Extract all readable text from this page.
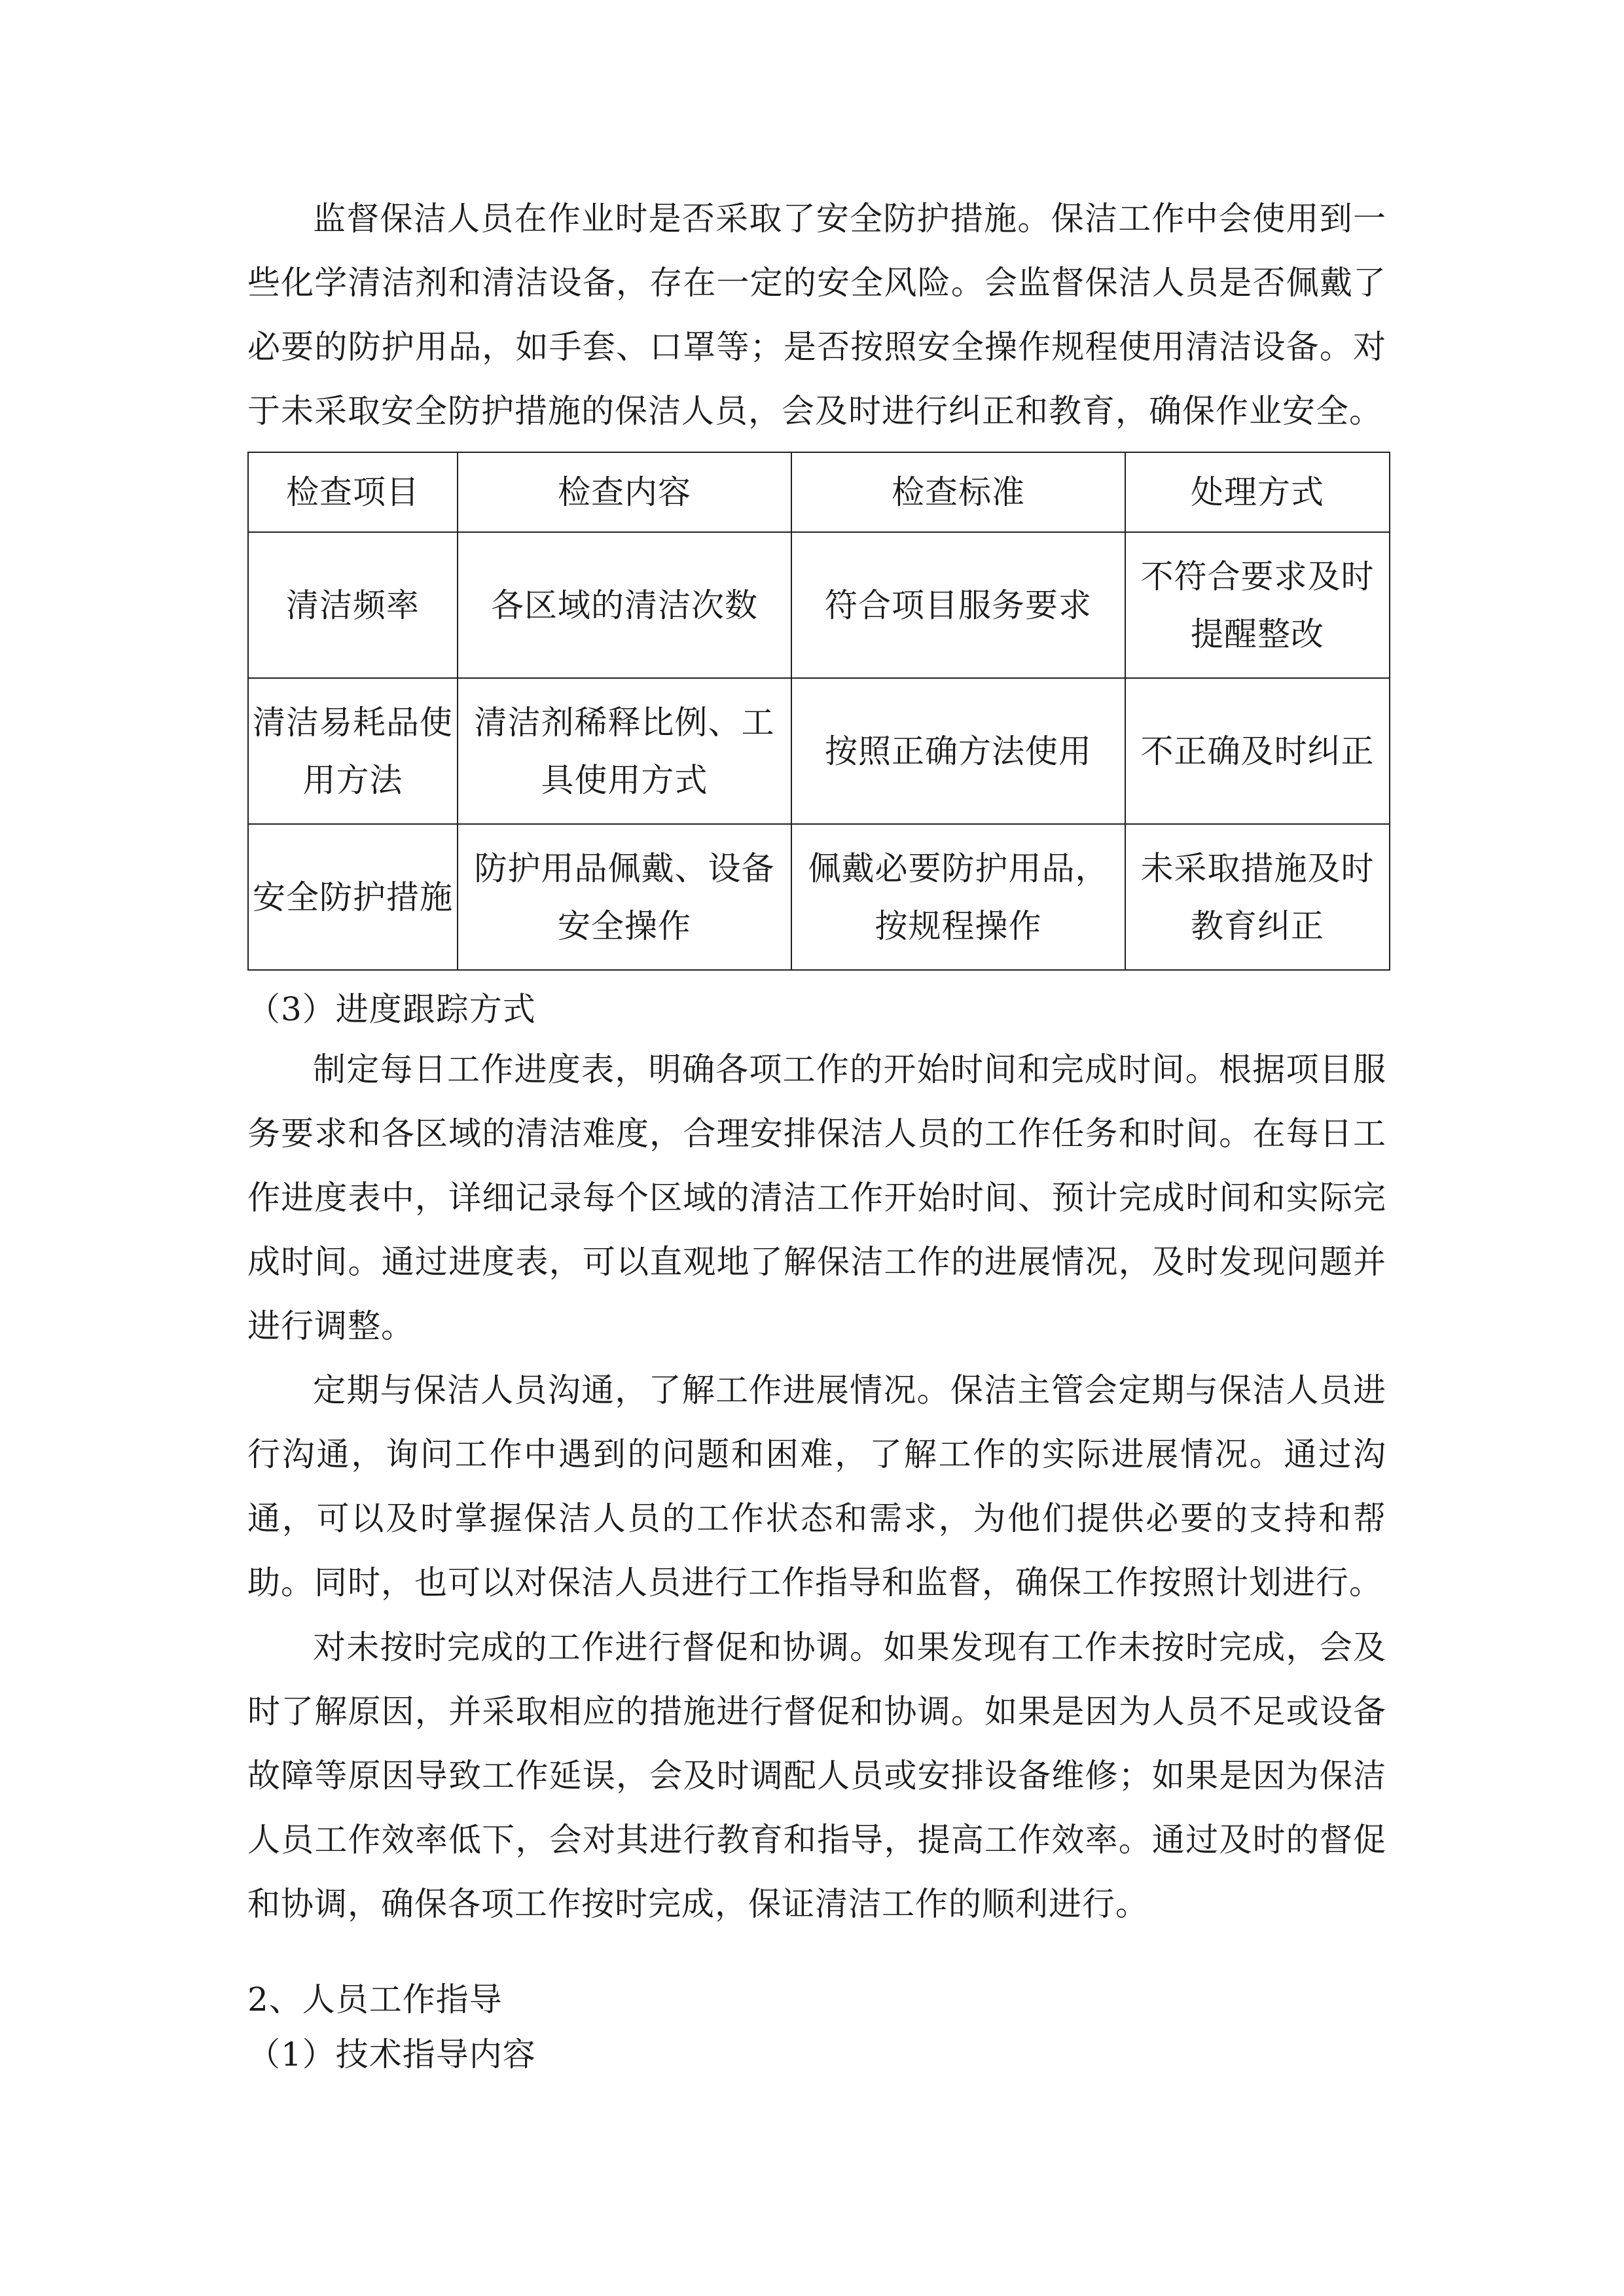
监督保洁人员在作业时是否采取了安全防护措施。保洁工作中会使用到一些化学清洁剂和清洁设备，存在一定的安全风险。会监督保洁人员是否佩戴了必要的防护用品，如手套、口罩等；是否按照安全操作规程使用清洁设备。对于未采取安全防护措施的保洁人员，会及时进行纠正和教育，确保作业安全。

检查项目	检查内容	检查标准	处理方式
清洁频率	各区域的清洁次数	符合项目服务要求	不符合要求及时提醒整改
清洁易耗品使用方法	清洁剂稀释比例、工具使用方式	按照正确方法使用	不正确及时纠正
安全防护措施	防护用品佩戴、设备安全操作	佩戴必要防护用品，按规程操作	未采取措施及时教育纠正

（3）进度跟踪方式

制定每日工作进度表，明确各项工作的开始时间和完成时间。根据项目服务要求和各区域的清洁难度，合理安排保洁人员的工作任务和时间。在每日工作进度表中，详细记录每个区域的清洁工作开始时间、预计完成时间和实际完成时间。通过进度表，可以直观地了解保洁工作的进展情况，及时发现问题并进行调整。

定期与保洁人员沟通，了解工作进展情况。保洁主管会定期与保洁人员进行沟通，询问工作中遇到的问题和困难，了解工作的实际进展情况。通过沟通，可以及时掌握保洁人员的工作状态和需求，为他们提供必要的支持和帮助。同时，也可以对保洁人员进行工作指导和监督，确保工作按照计划进行。

对未按时完成的工作进行督促和协调。如果发现有工作未按时完成，会及时了解原因，并采取相应的措施进行督促和协调。如果是因为人员不足或设备故障等原因导致工作延误，会及时调配人员或安排设备维修；如果是因为保洁人员工作效率低下，会对其进行教育和指导，提高工作效率。通过及时的督促和协调，确保各项工作按时完成，保证清洁工作的顺利进行。

2、人员工作指导

（1）技术指导内容
